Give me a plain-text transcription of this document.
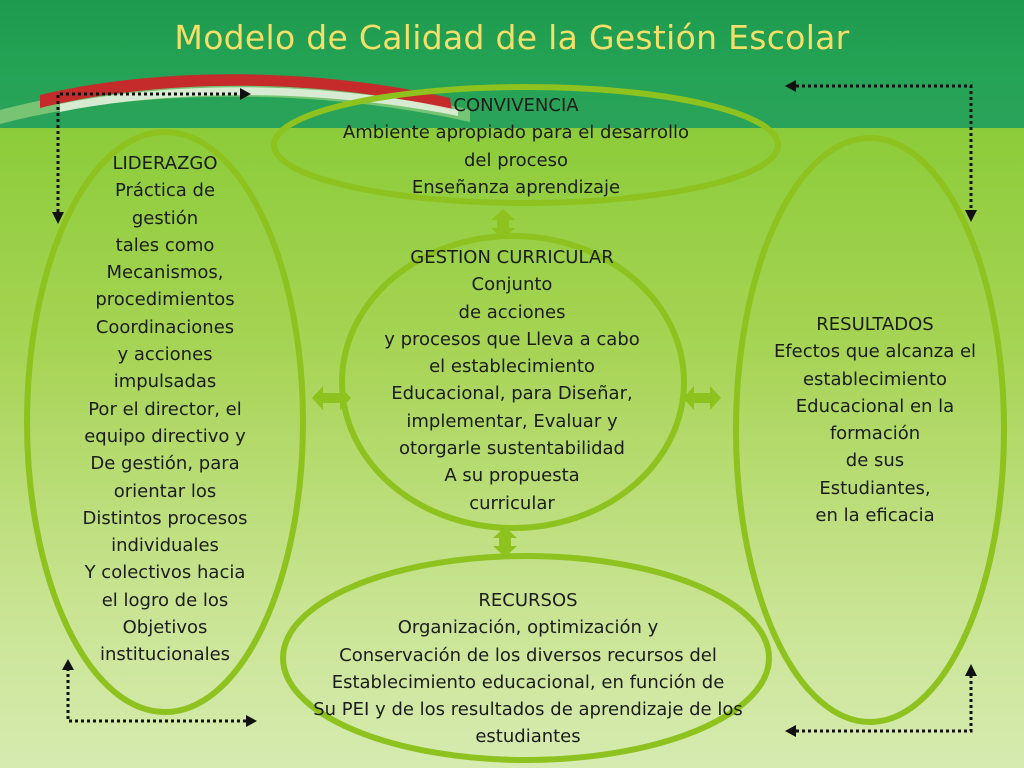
Modelo de Calidad de la Gestión Escolar
CONVIVENCIA
Ambiente apropiado para el desarrollo
del proceso
Enseñanza aprendizaje
LIDERAZGO
Práctica de
gestión
tales como
Mecanismos,
procedimientos
Coordinaciones
y acciones
impulsadas
Por el director, el
equipo directivo y
De gestión, para
orientar los
Distintos procesos
individuales
Y colectivos hacia
el logro de los
Objetivos
institucionales
GESTION CURRICULAR
Conjunto
de acciones
y procesos que Lleva a cabo
el establecimiento
Educacional, para Diseñar,
implementar, Evaluar y
otorgarle sustentabilidad
A su propuesta
curricular
RESULTADOS
Efectos que alcanza el
establecimiento
Educacional en la
formación
de sus
Estudiantes,
en la eficacia
RECURSOS
Organización, optimización y
Conservación de los diversos recursos del
Establecimiento educacional, en función de
Su PEI y de los resultados de aprendizaje de los
estudiantes
